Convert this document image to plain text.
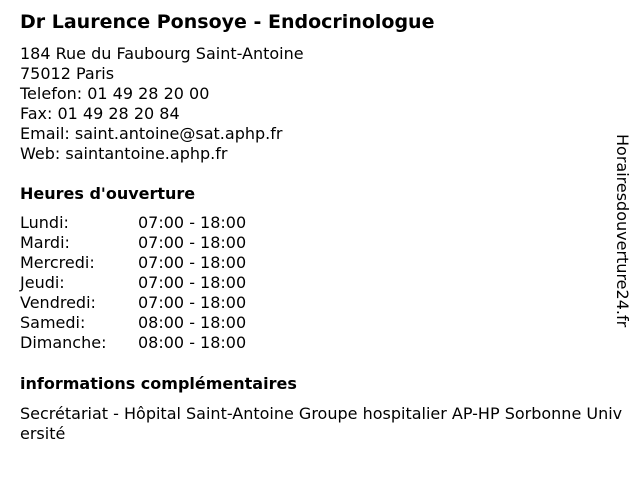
Dr Laurence Ponsoye - Endocrinologue
184 Rue du Faubourg Saint-Antoine
75012 Paris
Telefon: 01 49 28 20 00
Fax: 01 49 28 20 84
Email: saint.antoine@sat.aphp.fr
Web: saintantoine.aphp.fr
Heures d'ouverture
Lundi:	07:00 - 18:00
Mardi:	07:00 - 18:00
Mercredi:	07:00 - 18:00
Jeudi:	07:00 - 18:00
Vendredi:	07:00 - 18:00
Samedi:	08:00 - 18:00
Dimanche:	08:00 - 18:00
informations complémentaires
Secrétariat - Hôpital Saint-Antoine Groupe hospitalier AP-HP Sorbonne Université
Horairesdouverture24.fr
